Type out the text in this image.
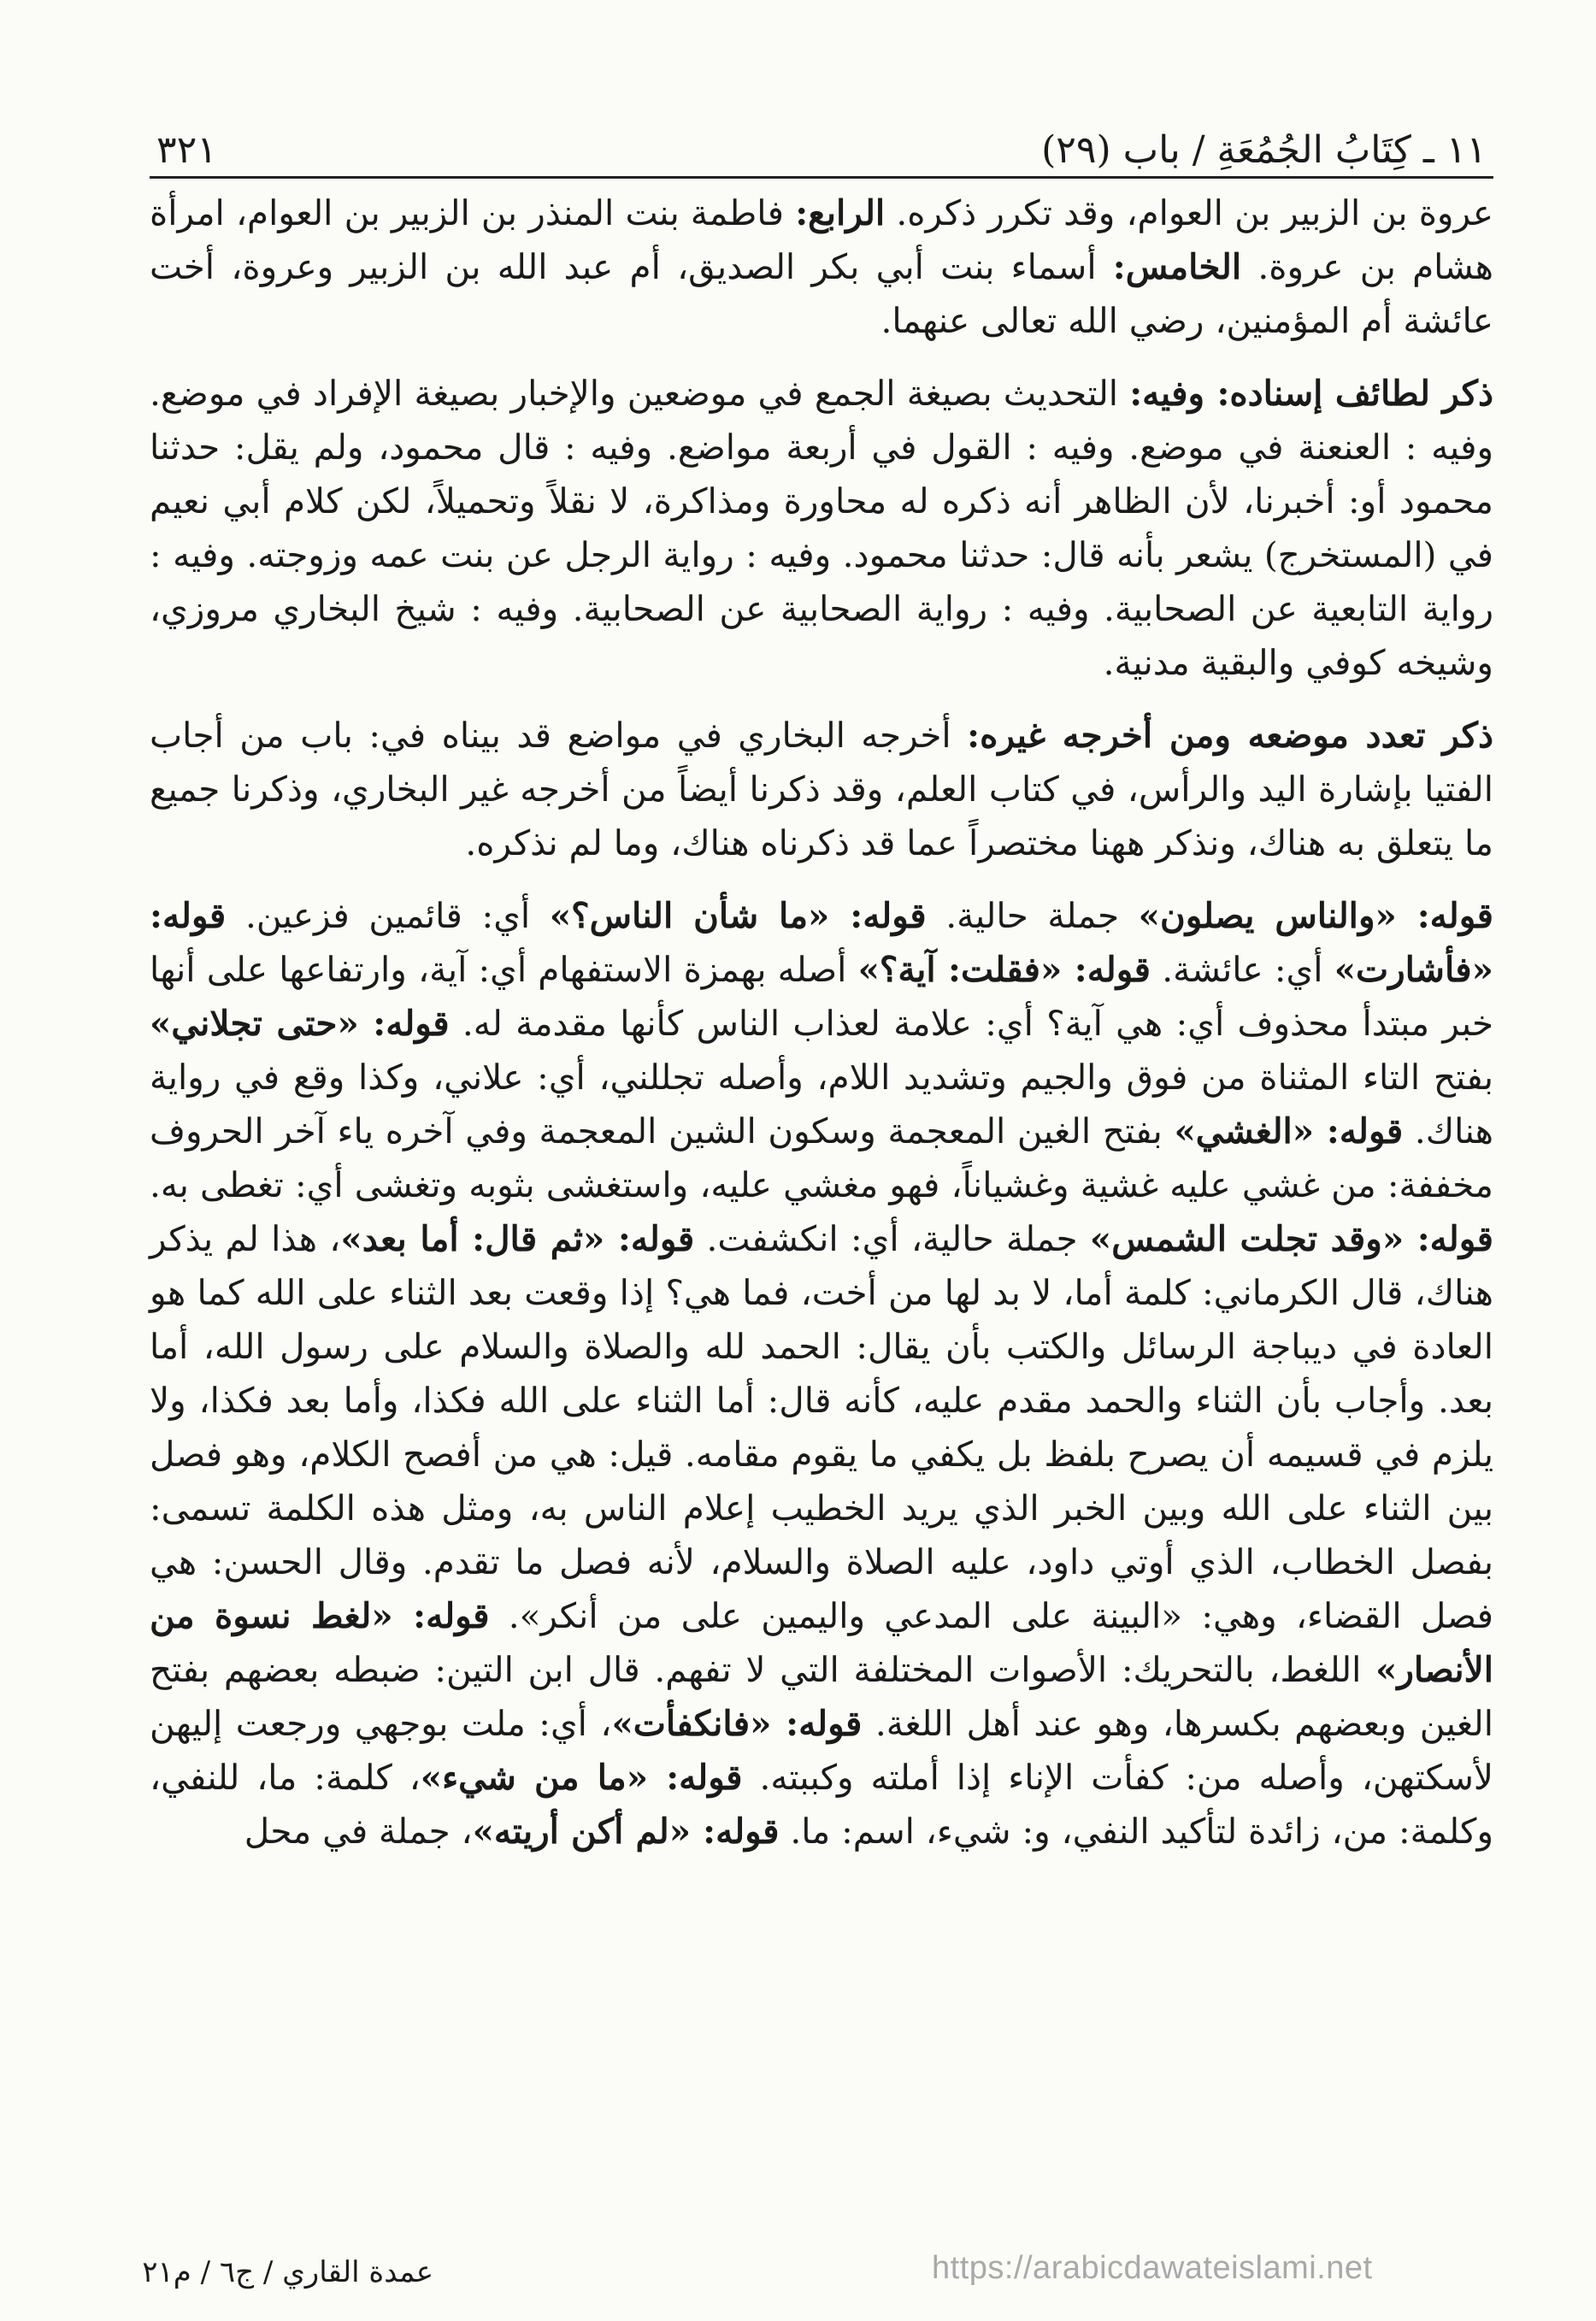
١١ ـ كِتَابُ الجُمُعَةِ / باب (٢٩)
٣٢١

عروة بن الزبير بن العوام، وقد تكرر ذكره. الرابع: فاطمة بنت المنذر بن الزبير بن العوام، امرأة هشام بن عروة. الخامس: أسماء بنت أبي بكر الصديق، أم عبد الله بن الزبير وعروة، أخت عائشة أم المؤمنين، رضي الله تعالى عنهما.

ذكر لطائف إسناده: وفيه: التحديث بصيغة الجمع في موضعين والإخبار بصيغة الإفراد في موضع. وفيه : العنعنة في موضع. وفيه : القول في أربعة مواضع. وفيه : قال محمود، ولم يقل: حدثنا محمود أو: أخبرنا، لأن الظاهر أنه ذكره له محاورة ومذاكرة، لا نقلاً وتحميلاً، لكن كلام أبي نعيم في (المستخرج) يشعر بأنه قال: حدثنا محمود. وفيه : رواية الرجل عن بنت عمه وزوجته. وفيه : رواية التابعية عن الصحابية. وفيه : رواية الصحابية عن الصحابية. وفيه : شيخ البخاري مروزي، وشيخه كوفي والبقية مدنية.

ذكر تعدد موضعه ومن أخرجه غيره: أخرجه البخاري في مواضع قد بيناه في: باب من أجاب الفتيا بإشارة اليد والرأس، في كتاب العلم، وقد ذكرنا أيضاً من أخرجه غير البخاري، وذكرنا جميع ما يتعلق به هناك، ونذكر ههنا مختصراً عما قد ذكرناه هناك، وما لم نذكره.

قوله: «والناس يصلون» جملة حالية. قوله: «ما شأن الناس؟» أي: قائمين فزعين. قوله: «فأشارت» أي: عائشة. قوله: «فقلت: آية؟» أصله بهمزة الاستفهام أي: آية، وارتفاعها على أنها خبر مبتدأ محذوف أي: هي آية؟ أي: علامة لعذاب الناس كأنها مقدمة له. قوله: «حتى تجلاني» بفتح التاء المثناة من فوق والجيم وتشديد اللام، وأصله تجللني، أي: علاني، وكذا وقع في رواية هناك. قوله: «الغشي» بفتح الغين المعجمة وسكون الشين المعجمة وفي آخره ياء آخر الحروف مخففة: من غشي عليه غشية وغشياناً، فهو مغشي عليه، واستغشى بثوبه وتغشى أي: تغطى به. قوله: «وقد تجلت الشمس» جملة حالية، أي: انكشفت. قوله: «ثم قال: أما بعد»، هذا لم يذكر هناك، قال الكرماني: كلمة أما، لا بد لها من أخت، فما هي؟ إذا وقعت بعد الثناء على الله كما هو العادة في ديباجة الرسائل والكتب بأن يقال: الحمد لله والصلاة والسلام على رسول الله، أما بعد. وأجاب بأن الثناء والحمد مقدم عليه، كأنه قال: أما الثناء على الله فكذا، وأما بعد فكذا، ولا يلزم في قسيمه أن يصرح بلفظ بل يكفي ما يقوم مقامه. قيل: هي من أفصح الكلام، وهو فصل بين الثناء على الله وبين الخبر الذي يريد الخطيب إعلام الناس به، ومثل هذه الكلمة تسمى: بفصل الخطاب، الذي أوتي داود، عليه الصلاة والسلام، لأنه فصل ما تقدم. وقال الحسن: هي فصل القضاء، وهي: «البينة على المدعي واليمين على من أنكر». قوله: «لغط نسوة من الأنصار» اللغط، بالتحريك: الأصوات المختلفة التي لا تفهم. قال ابن التين: ضبطه بعضهم بفتح الغين وبعضهم بكسرها، وهو عند أهل اللغة. قوله: «فانكفأت»، أي: ملت بوجهي ورجعت إليهن لأسكتهن، وأصله من: كفأت الإناء إذا أملته وكببته. قوله: «ما من شيء»، كلمة: ما، للنفي، وكلمة: من، زائدة لتأكيد النفي، و: شيء، اسم: ما. قوله: «لم أكن أريته»، جملة في محل

عمدة القاري / ج٦ / م٢١	https://arabicdawateislami.net
